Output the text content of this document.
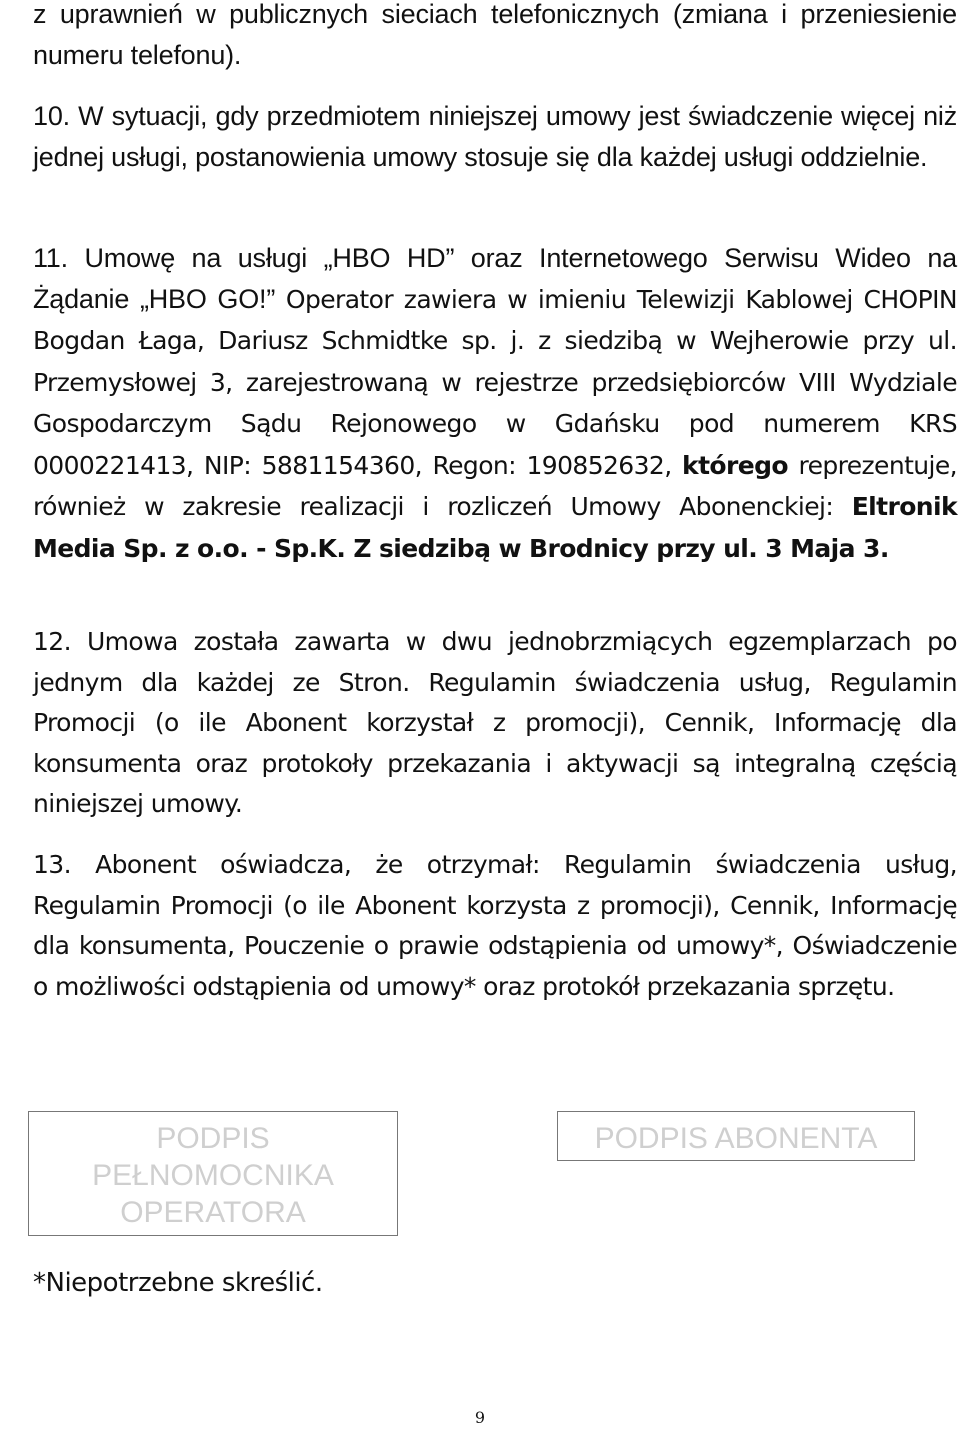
z uprawnień w publicznych sieciach telefonicznych (zmiana i przeniesienie numeru telefonu).

10. W sytuacji, gdy przedmiotem niniejszej umowy jest świadczenie więcej niż jednej usługi, postanowienia umowy stosuje się dla każdej usługi oddzielnie.

11. Umowę na usługi „HBO HD” oraz Internetowego Serwisu Wideo na Żądanie „HBO GO!” Operator zawiera w imieniu Telewizji Kablowej CHOPIN Bogdan Łaga, Dariusz Schmidtke sp. j. z siedzibą w Wejherowie przy ul. Przemysłowej 3, zarejestrowaną w rejestrze przedsiębiorców VIII Wydziale Gospodarczym Sądu Rejonowego w Gdańsku pod numerem KRS 0000221413, NIP: 5881154360, Regon: 190852632, którego reprezentuje, również w zakresie realizacji i rozliczeń Umowy Abonenckiej: Eltronik Media Sp. z o.o. - Sp.K. Z siedzibą w Brodnicy przy ul. 3 Maja 3.

12. Umowa została zawarta w dwu jednobrzmiących egzemplarzach po jednym dla każdej ze Stron. Regulamin świadczenia usług, Regulamin Promocji (o ile Abonent korzystał z promocji), Cennik, Informację dla konsumenta oraz protokoły przekazania i aktywacji są integralną częścią niniejszej umowy.

13. Abonent oświadcza, że otrzymał: Regulamin świadczenia usług, Regulamin Promocji (o ile Abonent korzysta z promocji), Cennik, Informację dla konsumenta, Pouczenie o prawie odstąpienia od umowy*, Oświadczenie o możliwości odstąpienia od umowy* oraz protokół przekazania sprzętu.

PODPIS
PEŁNOMOCNIKA
OPERATORA
PODPIS ABONENTA

*Niepotrzebne skreślić.

9
